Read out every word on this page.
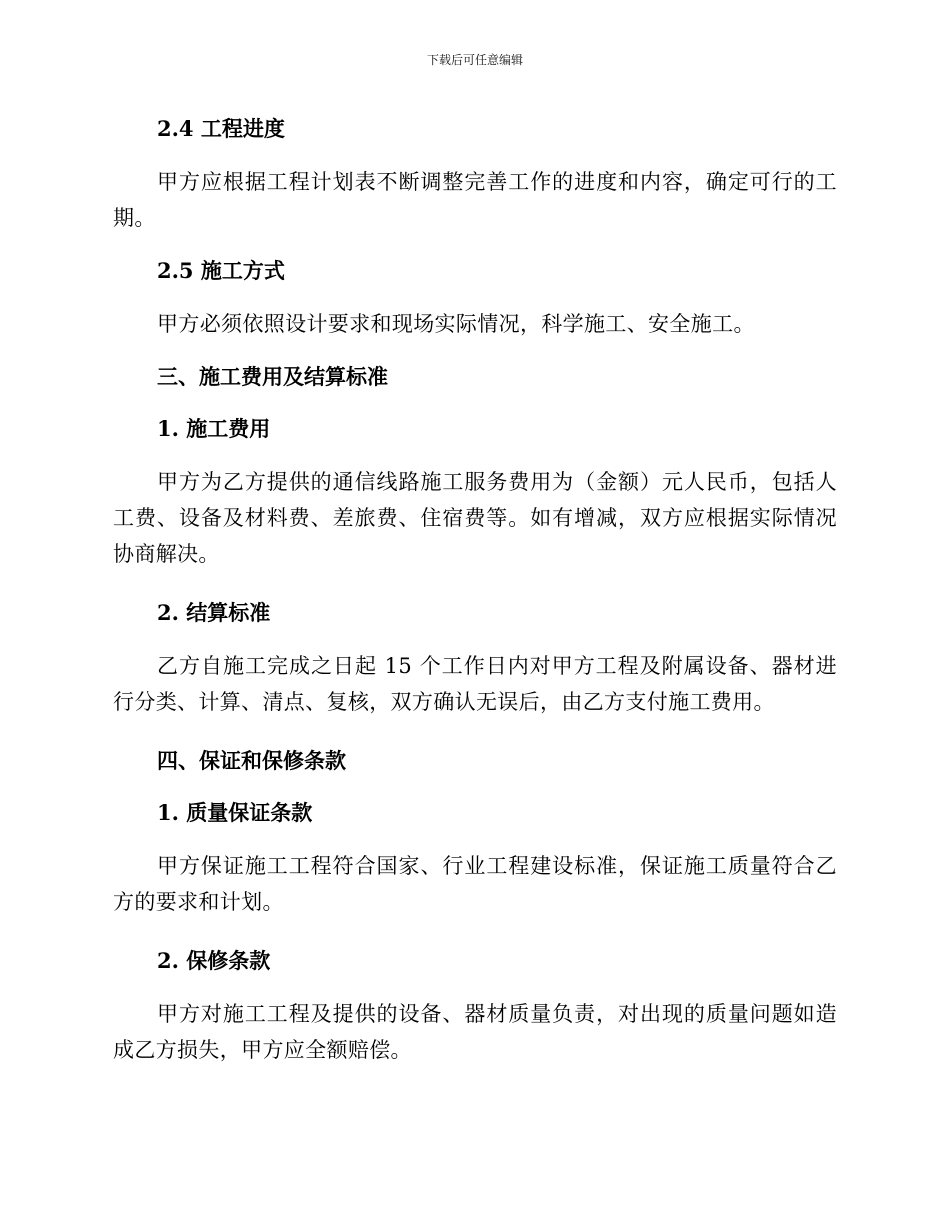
下载后可任意编辑
2.4 工程进度

甲方应根据工程计划表不断调整完善工作的进度和内容，确定可行的工期。

2.5 施工方式

甲方必须依照设计要求和现场实际情况，科学施工、安全施工。

三、施工费用及结算标准
1. 施工费用

甲方为乙方提供的通信线路施工服务费用为（金额）元人民币，包括人工费、设备及材料费、差旅费、住宿费等。如有增减，双方应根据实际情况协商解决。

2. 结算标准

乙方自施工完成之日起 15 个工作日内对甲方工程及附属设备、器材进行分类、计算、清点、复核，双方确认无误后，由乙方支付施工费用。

四、保证和保修条款
1. 质量保证条款

甲方保证施工工程符合国家、行业工程建设标准，保证施工质量符合乙方的要求和计划。

2. 保修条款

甲方对施工工程及提供的设备、器材质量负责，对出现的质量问题如造成乙方损失，甲方应全额赔偿。
